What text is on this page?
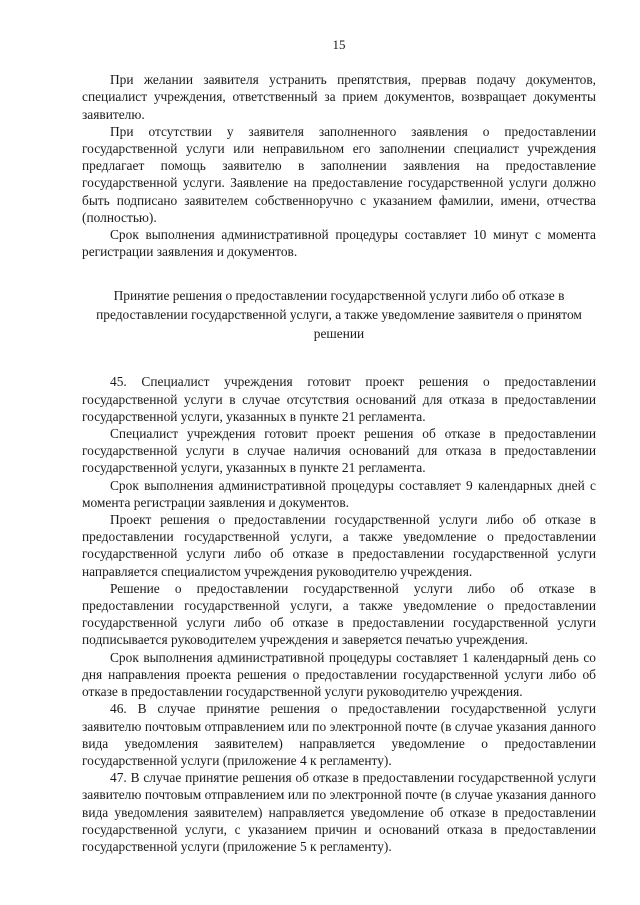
15

При желании заявителя устранить препятствия, прервав подачу документов, специалист учреждения, ответственный за прием документов, возвращает документы заявителю.

При отсутствии у заявителя заполненного заявления о предоставлении государственной услуги или неправильном его заполнении специалист учреждения предлагает помощь заявителю в заполнении заявления на предоставление государственной услуги. Заявление на предоставление государственной услуги должно быть подписано заявителем собственноручно с указанием фамилии, имени, отчества (полностью).

Срок выполнения административной процедуры составляет 10 минут с момента регистрации заявления и документов.

Принятие решения о предоставлении государственной услуги либо об отказе в предоставлении государственной услуги, а также уведомление заявителя о принятом решении

45. Специалист учреждения готовит проект решения о предоставлении государственной услуги в случае отсутствия оснований для отказа в предоставлении государственной услуги, указанных в пункте 21 регламента.

Специалист учреждения готовит проект решения об отказе в предоставлении государственной услуги в случае наличия оснований для отказа в предоставлении государственной услуги, указанных в пункте 21 регламента.

Срок выполнения административной процедуры составляет 9 календарных дней с момента регистрации заявления и документов.

Проект решения о предоставлении государственной услуги либо об отказе в предоставлении государственной услуги, а также уведомление о предоставлении государственной услуги либо об отказе в предоставлении государственной услуги направляется специалистом учреждения руководителю учреждения.

Решение о предоставлении государственной услуги либо об отказе в предоставлении государственной услуги, а также уведомление о предоставлении государственной услуги либо об отказе в предоставлении государственной услуги подписывается руководителем учреждения и заверяется печатью учреждения.

Срок выполнения административной процедуры составляет 1 календарный день со дня направления проекта решения о предоставлении государственной услуги либо об отказе в предоставлении государственной услуги руководителю учреждения.

46. В случае принятие решения о предоставлении государственной услуги заявителю почтовым отправлением или по электронной почте (в случае указания данного вида уведомления заявителем) направляется уведомление о предоставлении государственной услуги (приложение 4 к регламенту).

47. В случае принятие решения об отказе в предоставлении государственной услуги заявителю почтовым отправлением или по электронной почте (в случае указания данного вида уведомления заявителем) направляется уведомление об отказе в предоставлении государственной услуги, с указанием причин и оснований отказа в предоставлении государственной услуги (приложение 5 к регламенту).
